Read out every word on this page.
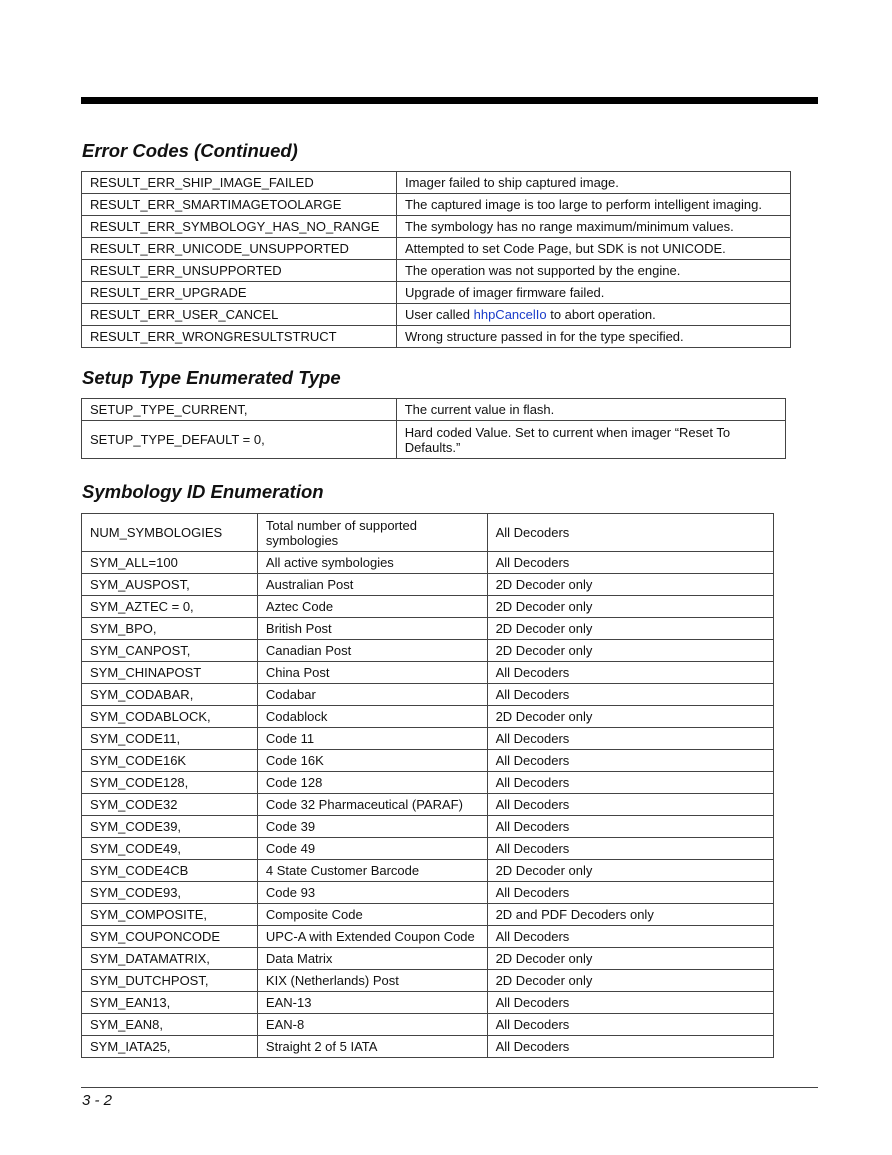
Error Codes (Continued)
RESULT_ERR_SHIP_IMAGE_FAILED	Imager failed to ship captured image.
RESULT_ERR_SMARTIMAGETOOLARGE	The captured image is too large to perform intelligent imaging.
RESULT_ERR_SYMBOLOGY_HAS_NO_RANGE	The symbology has no range maximum/minimum values.
RESULT_ERR_UNICODE_UNSUPPORTED	Attempted to set Code Page, but SDK is not UNICODE.
RESULT_ERR_UNSUPPORTED	The operation was not supported by the engine.
RESULT_ERR_UPGRADE	Upgrade of imager firmware failed.
RESULT_ERR_USER_CANCEL	User called hhpCancelIo to abort operation.
RESULT_ERR_WRONGRESULTSTRUCT	Wrong structure passed in for the type specified.
Setup Type Enumerated Type
SETUP_TYPE_CURRENT,	The current value in flash.
SETUP_TYPE_DEFAULT = 0,	Hard coded Value. Set to current when imager “Reset To Defaults.”
Symbology ID Enumeration
NUM_SYMBOLOGIES	Total number of supported symbologies	All Decoders
SYM_ALL=100	All active symbologies	All Decoders
SYM_AUSPOST,	Australian Post	2D Decoder only
SYM_AZTEC = 0,	Aztec Code	2D Decoder only
SYM_BPO,	British Post	2D Decoder only
SYM_CANPOST,	Canadian Post	2D Decoder only
SYM_CHINAPOST	China Post	All Decoders
SYM_CODABAR,	Codabar	All Decoders
SYM_CODABLOCK,	Codablock	2D Decoder only
SYM_CODE11,	Code 11	All Decoders
SYM_CODE16K	Code 16K	All Decoders
SYM_CODE128,	Code 128	All Decoders
SYM_CODE32	Code 32 Pharmaceutical (PARAF)	All Decoders
SYM_CODE39,	Code 39	All Decoders
SYM_CODE49,	Code 49	All Decoders
SYM_CODE4CB	4 State Customer Barcode	2D Decoder only
SYM_CODE93,	Code 93	All Decoders
SYM_COMPOSITE,	Composite Code	2D and PDF Decoders only
SYM_COUPONCODE	UPC-A with Extended Coupon Code	All Decoders
SYM_DATAMATRIX,	Data Matrix	2D Decoder only
SYM_DUTCHPOST,	KIX (Netherlands) Post	2D Decoder only
SYM_EAN13,	EAN-13	All Decoders
SYM_EAN8,	EAN-8	All Decoders
SYM_IATA25,	Straight 2 of 5 IATA	All Decoders
3 - 2
